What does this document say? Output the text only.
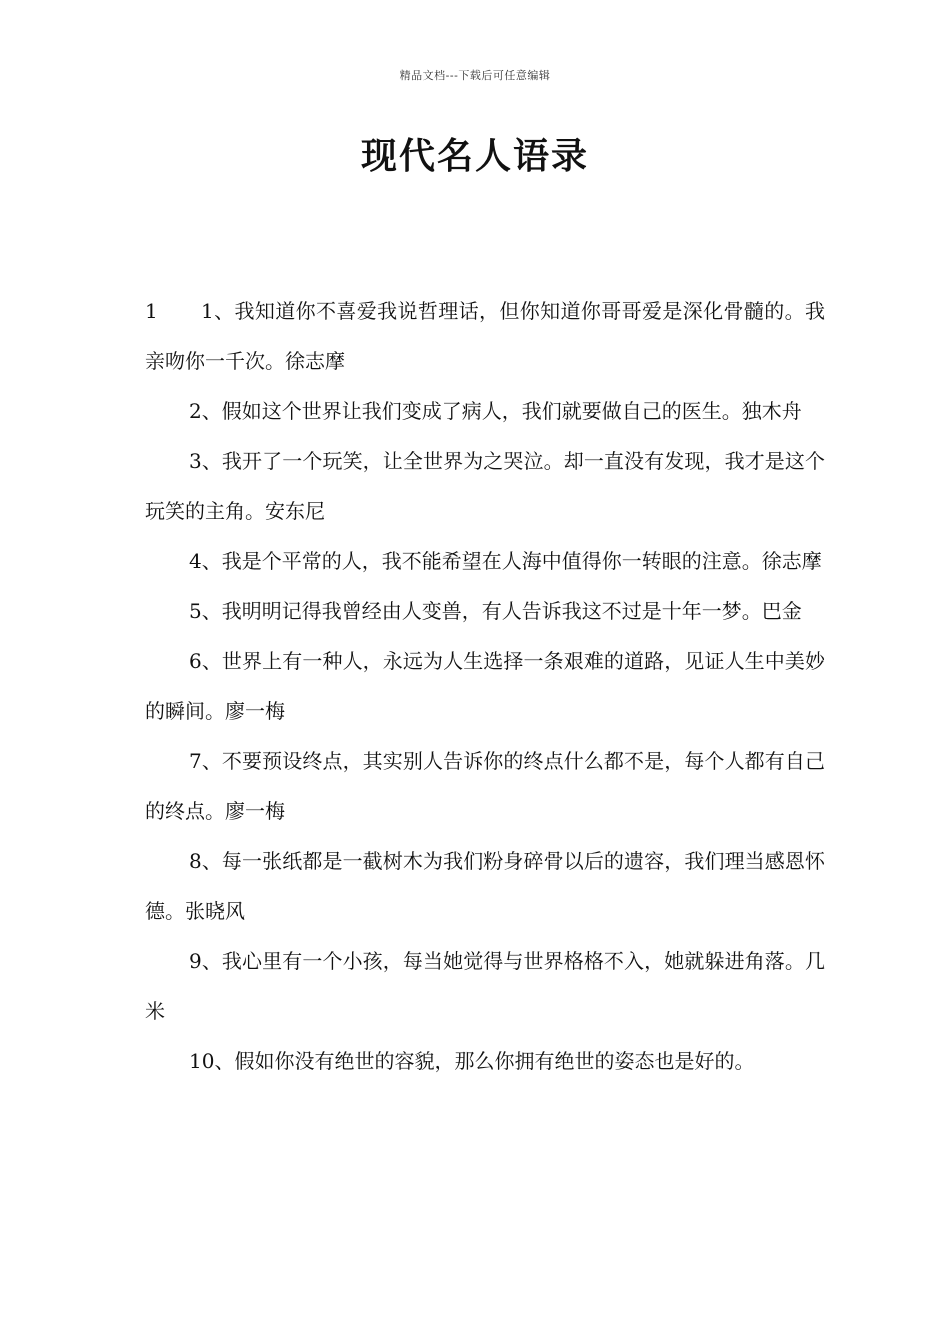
精品文档---下载后可任意编辑
现代名人语录

1 1、我知道你不喜爱我说哲理话，但你知道你哥哥爱是深化骨髓的。我亲吻你一千次。徐志摩

2、假如这个世界让我们变成了病人，我们就要做自己的医生。独木舟

3、我开了一个玩笑，让全世界为之哭泣。却一直没有发现，我才是这个玩笑的主角。安东尼

4、我是个平常的人，我不能希望在人海中值得你一转眼的注意。徐志摩

5、我明明记得我曾经由人变兽，有人告诉我这不过是十年一梦。巴金

6、世界上有一种人，永远为人生选择一条艰难的道路，见证人生中美妙的瞬间。廖一梅

7、不要预设终点，其实别人告诉你的终点什么都不是，每个人都有自己的终点。廖一梅

8、每一张纸都是一截树木为我们粉身碎骨以后的遗容，我们理当感恩怀德。张晓风

9、我心里有一个小孩，每当她觉得与世界格格不入，她就躲进角落。几米

10、假如你没有绝世的容貌，那么你拥有绝世的姿态也是好的。
